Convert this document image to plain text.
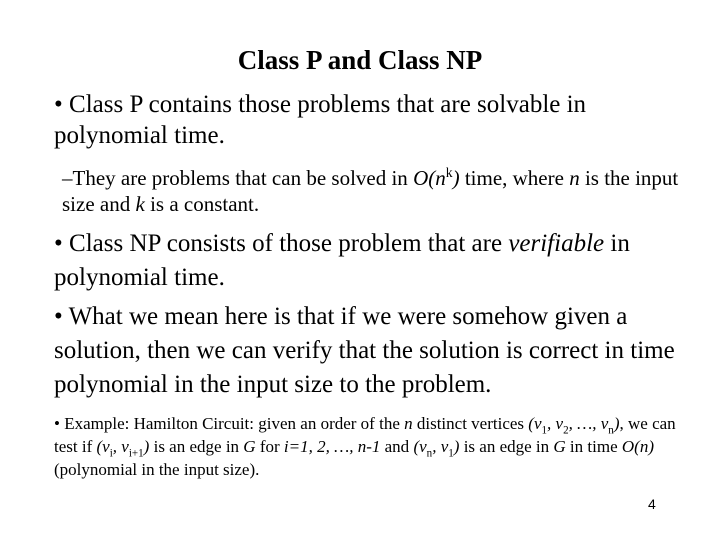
Class P and Class NP
• Class P contains those problems that are solvable in polynomial time.
–They are problems that can be solved in $O(n^k)$ time, where n is the input size and k is a constant.
• Class NP consists of those problem that are verifiable in polynomial time.
• What we mean here is that if we were somehow given a solution, then we can verify that the solution is correct in time polynomial in the input size to the problem.
• Example: Hamilton Circuit: given an order of the n distinct vertices ($v_1$, $v_2$, …, $v_n$), we can test if ($v_i$, $v_{i+1}$) is an edge in G for i=1, 2, …, n-1 and ($v_n$, $v_1$) is an edge in G in time O(n) (polynomial in the input size).
4
